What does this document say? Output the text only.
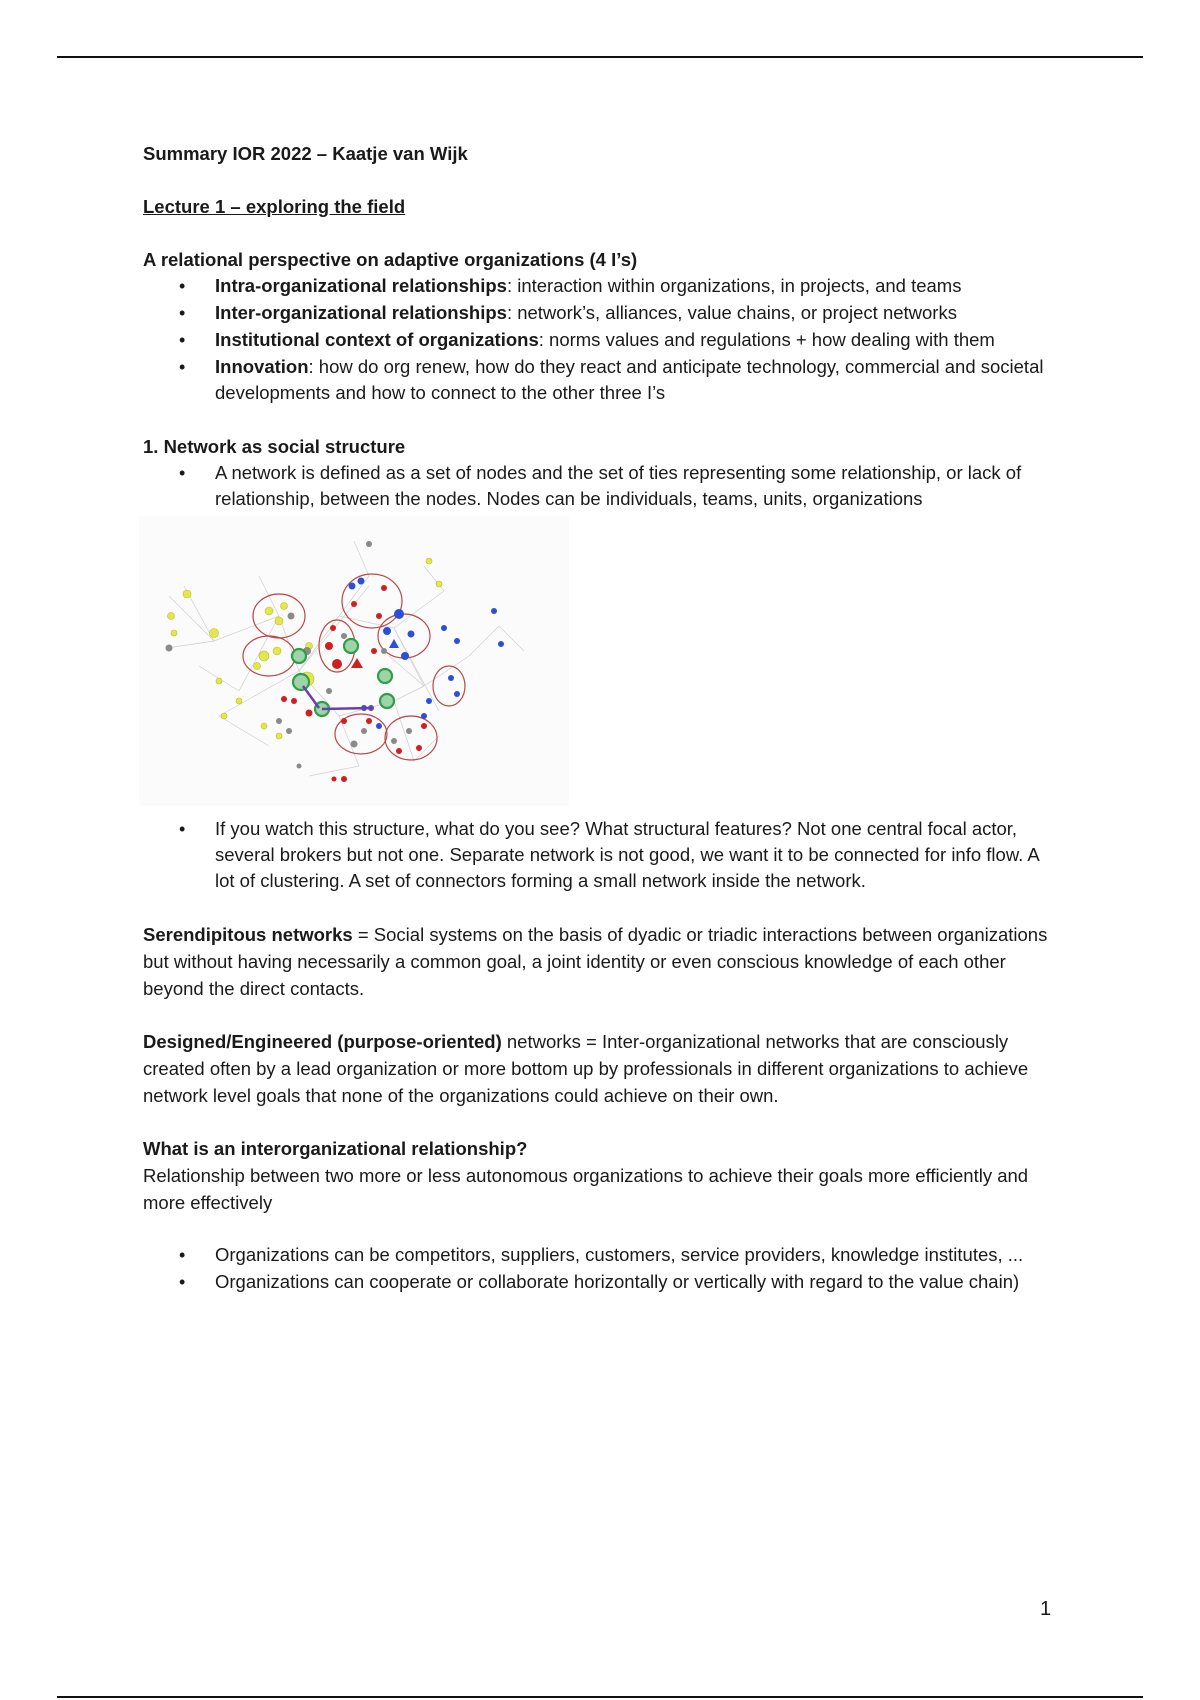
Summary IOR 2022 – Kaatje van Wijk

Lecture 1 – exploring the field

A relational perspective on adaptive organizations (4 I’s)

• Intra-organizational relationships: interaction within organizations, in projects, and teams
• Inter-organizational relationships: network’s, alliances, value chains, or project networks
• Institutional context of organizations: norms values and regulations + how dealing with them
• Innovation: how do org renew, how do they react and anticipate technology, commercial and societal developments and how to connect to the other three I’s

1. Network as social structure

• A network is defined as a set of nodes and the set of ties representing some relationship, or lack of relationship, between the nodes. Nodes can be individuals, teams, units, organizations
• If you watch this structure, what do you see? What structural features? Not one central focal actor, several brokers but not one. Separate network is not good, we want it to be connected for info flow. A lot of clustering. A set of connectors forming a small network inside the network.

Serendipitous networks = Social systems on the basis of dyadic or triadic interactions between organizations but without having necessarily a common goal, a joint identity or even conscious knowledge of each other beyond the direct contacts.

Designed/Engineered (purpose-oriented) networks = Inter-organizational networks that are consciously created often by a lead organization or more bottom up by professionals in different organizations to achieve network level goals that none of the organizations could achieve on their own.

What is an interorganizational relationship?

Relationship between two more or less autonomous organizations to achieve their goals more efficiently and more effectively

• Organizations can be competitors, suppliers, customers, service providers, knowledge institutes, ...
• Organizations can cooperate or collaborate horizontally or vertically with regard to the value chain)
1
